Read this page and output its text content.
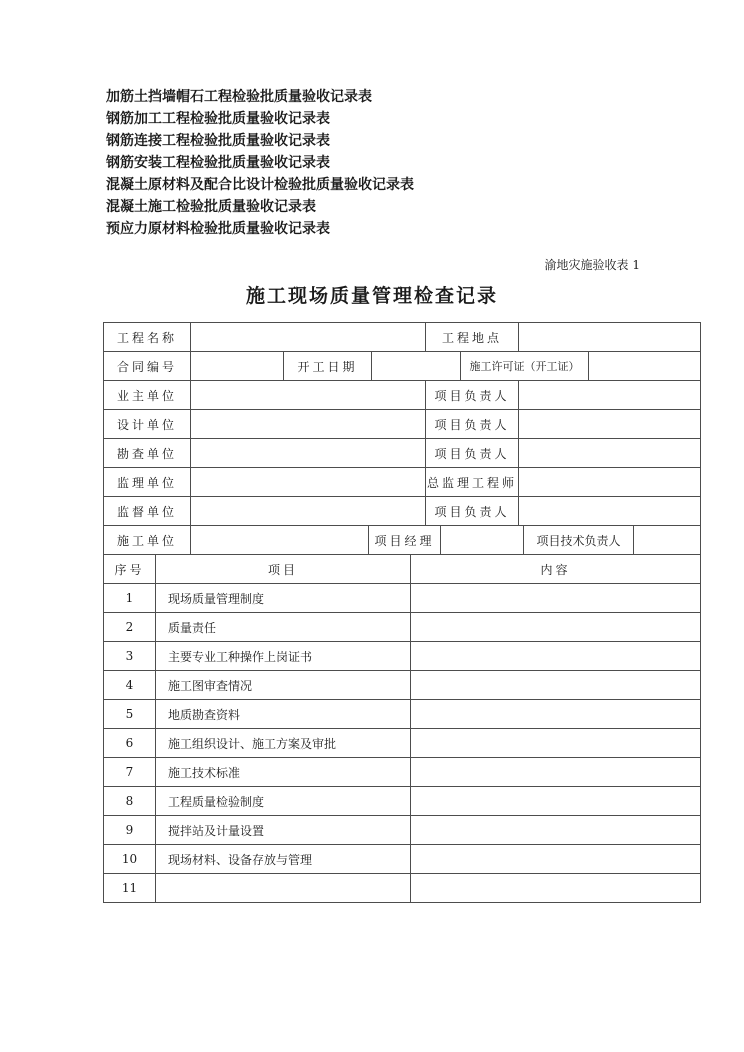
加筋土挡墙帽石工程检验批质量验收记录表
钢筋加工工程检验批质量验收记录表
钢筋连接工程检验批质量验收记录表
钢筋安装工程检验批质量验收记录表
混凝土原材料及配合比设计检验批质量验收记录表
混凝土施工检验批质量验收记录表
预应力原材料检验批质量验收记录表
渝地灾施验收表 1
施工现场质量管理检查记录
工程名称	工程地点
合同编号	开工日期	施工许可证（开工证）
业主单位	项目负责人
设计单位	项目负责人
勘查单位	项目负责人
监理单位	总监理工程师
监督单位	项目负责人
施工单位	项目经理	项目技术负责人
序号	项目	内容
1	现场质量管理制度
2	质量责任
3	主要专业工种操作上岗证书
4	施工图审查情况
5	地质勘查资料
6	施工组织设计、施工方案及审批
7	施工技术标准
8	工程质量检验制度
9	搅拌站及计量设置
10	现场材料、设备存放与管理
11
